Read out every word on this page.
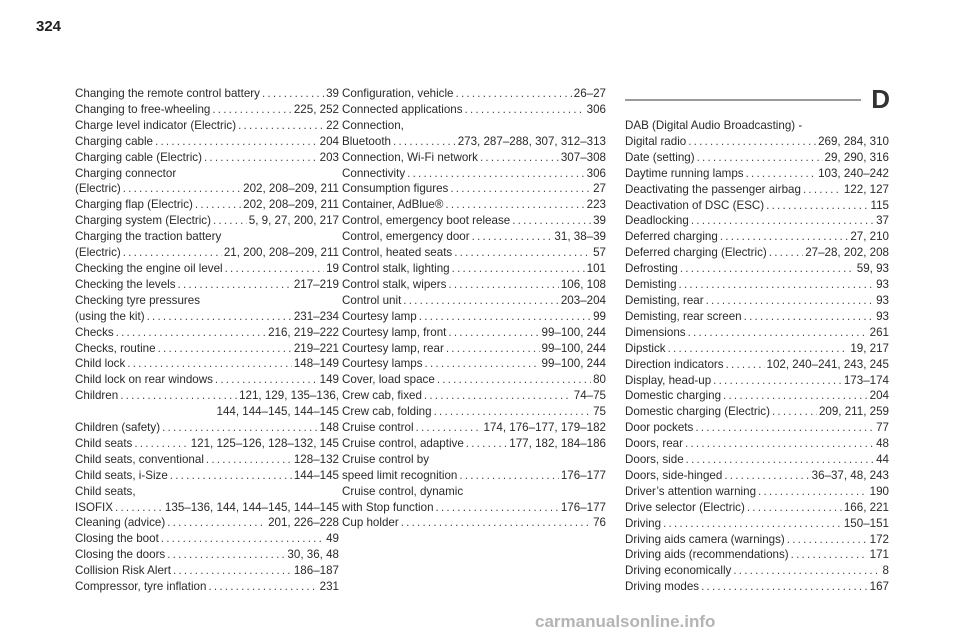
324
Changing the remote control battery . . .	39
Changing to free-wheeling . . .	225, 252
Charge level indicator (Electric) . . .	22
Charging cable . . .	204
Charging cable (Electric) . . .	203
Charging connector
(Electric) . . .	202, 208–209, 211
Charging flap (Electric) . . .	202, 208–209, 211
Charging system (Electric) . . .	5, 9, 27, 200, 217
Charging the traction battery
(Electric) . . .	21, 200, 208–209, 211
Checking the engine oil level . . .	19
Checking the levels . . .	217–219
Checking tyre pressures
(using the kit) . . .	231–234
Checks . . .	216, 219–222
Checks, routine . . .	219–221
Child lock . . .	148–149
Child lock on rear windows . . .	149
Children . . .	121, 129, 135–136,
144, 144–145, 144–145
Children (safety) . . .	148
Child seats . . .	121, 125–126, 128–132, 145
Child seats, conventional . . .	128–132
Child seats, i-Size . . .	144–145
Child seats,
ISOFIX . . .	135–136, 144, 144–145, 144–145
Cleaning (advice) . . .	201, 226–228
Closing the boot . . .	49
Closing the doors . . .	30, 36, 48
Collision Risk Alert . . .	186–187
Compressor, tyre inflation . . .	231
Configuration, vehicle . . .	26–27
Connected applications . . .	306
Connection,
Bluetooth . . .	273, 287–288, 307, 312–313
Connection, Wi-Fi network . . .	307–308
Connectivity . . .	306
Consumption figures . . .	27
Container, AdBlue® . . .	223
Control, emergency boot release . . .	39
Control, emergency door . . .	31, 38–39
Control, heated seats . . .	57
Control stalk, lighting . . .	101
Control stalk, wipers . . .	106, 108
Control unit . . .	203–204
Courtesy lamp . . .	99
Courtesy lamp, front . . .	99–100, 244
Courtesy lamp, rear . . .	99–100, 244
Courtesy lamps . . .	99–100, 244
Cover, load space . . .	80
Crew cab, fixed . . .	74–75
Crew cab, folding . . .	75
Cruise control . . .	174, 176–177, 179–182
Cruise control, adaptive . . .	177, 182, 184–186
Cruise control by
speed limit recognition . . .	176–177
Cruise control, dynamic
with Stop function . . .	176–177
Cup holder . . .	76
D
DAB (Digital Audio Broadcasting) -
Digital radio . . .	269, 284, 310
Date (setting) . . .	29, 290, 316
Daytime running lamps . . .	103, 240–242
Deactivating the passenger airbag . . .	122, 127
Deactivation of DSC (ESC) . . .	115
Deadlocking . . .	37
Deferred charging . . .	27, 210
Deferred charging (Electric) . . .	27–28, 202, 208
Defrosting . . .	59, 93
Demisting . . .	93
Demisting, rear . . .	93
Demisting, rear screen . . .	93
Dimensions . . .	261
Dipstick . . .	19, 217
Direction indicators . . .	102, 240–241, 243, 245
Display, head-up . . .	173–174
Domestic charging . . .	204
Domestic charging (Electric) . . .	209, 211, 259
Door pockets . . .	77
Doors, rear . . .	48
Doors, side . . .	44
Doors, side-hinged . . .	36–37, 48, 243
Driver’s attention warning . . .	190
Drive selector (Electric) . . .	166, 221
Driving . . .	150–151
Driving aids camera (warnings) . . .	172
Driving aids (recommendations) . . .	171
Driving economically . . .	8
Driving modes . . .	167
carmanualsonline.info
